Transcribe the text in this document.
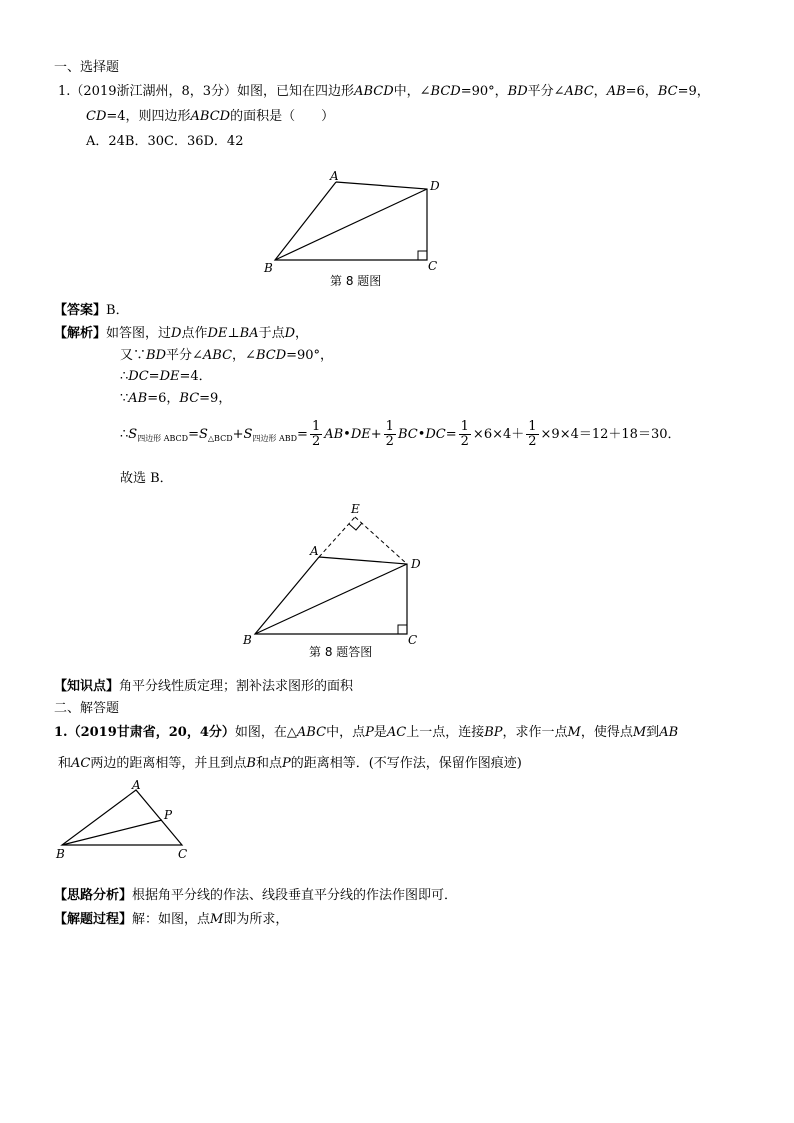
一、选择题
1.（2019浙江湖州，8，3分）如图，已知在四边形ABCD中，∠BCD=90°，BD平分∠ABC，AB=6，BC=9，
CD=4，则四边形ABCD的面积是（　　）
A．24B．30C．36D．42
A
D
B	C
第 8 题图
【答案】B．
【解析】如答图，过D点作DE⊥BA于点D，
又∵BD平分∠ABC，∠BCD=90°，
∴DC=DE=4．
∵AB=6，BC=9，
$\therefore S_{四边形 ABCD}=S_{\triangle BCD}+S_{四边形 ABD}= \frac{1}{2}$ AB•DE+ $\frac{1}{2}$ BC•DC= $\frac{1}{2} \times 6\times 4+ \frac{1}{2} \times 9\times 4=12+18=30$．
故选 B．
E
A
D
B	C
第 8 题答图
【知识点】角平分线性质定理；割补法求图形的面积
二、解答题
1.（2019甘肃省，20，4分）如图，在△ABC中，点P是AC上一点，连接BP，求作一点M，使得点M到AB
和AC两边的距离相等，并且到点B和点P的距离相等．(不写作法，保留作图痕迹)
A
P
B	C
【思路分析】根据角平分线的作法、线段垂直平分线的作法作图即可．
【解题过程】解：如图，点M即为所求，
